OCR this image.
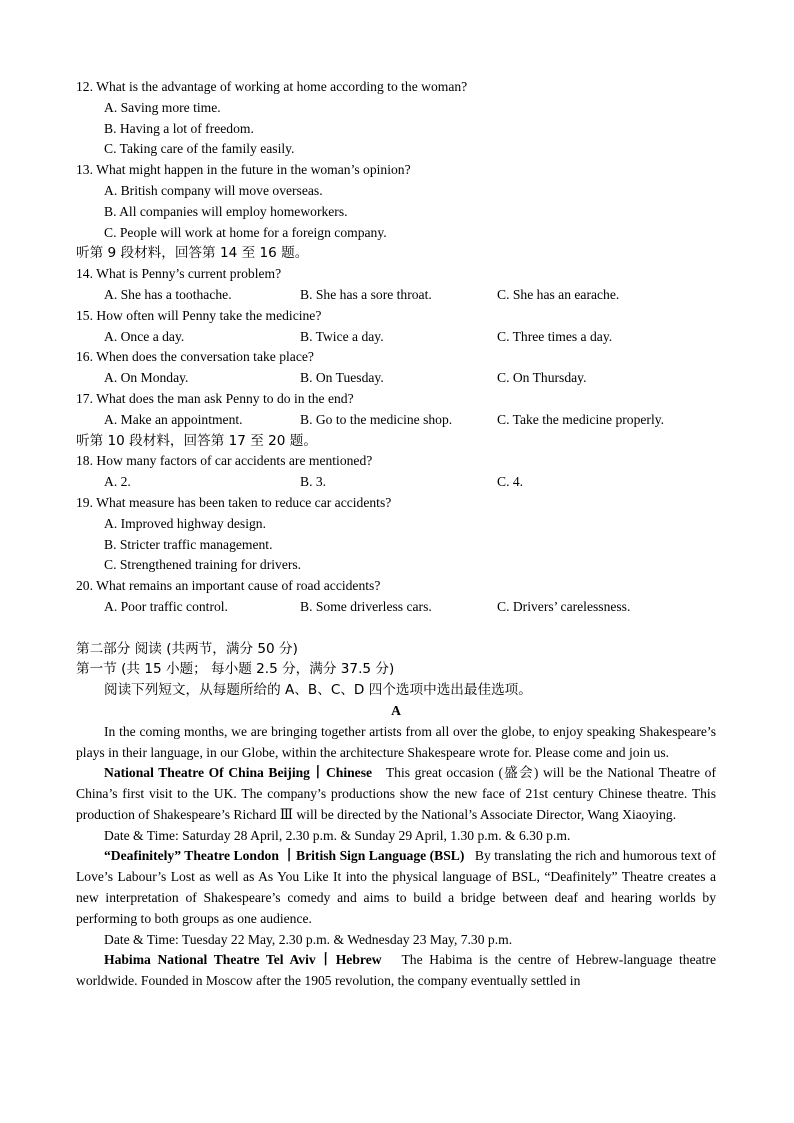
12. What is the advantage of working at home according to the woman?
A. Saving more time.
B. Having a lot of freedom.
C. Taking care of the family easily.
13. What might happen in the future in the woman’s opinion?
A. British company will move overseas.
B. All companies will employ homeworkers.
C. People will work at home for a foreign company.
听第 9 段材料，回答第 14 至 16 题。
14. What is Penny’s current problem?
A. She has a toothache.	B. She has a sore throat.	C. She has an earache.
15. How often will Penny take the medicine?
A. Once a day.	B. Twice a day.	C. Three times a day.
16. When does the conversation take place?
A. On Monday.	B. On Tuesday.	C. On Thursday.
17. What does the man ask Penny to do in the end?
A. Make an appointment.	B. Go to the medicine shop.	C. Take the medicine properly.
听第 10 段材料，回答第 17 至 20 题。
18. How many factors of car accidents are mentioned?
A. 2.	B. 3.	C. 4.
19. What measure has been taken to reduce car accidents?
A. Improved highway design.
B. Stricter traffic management.
C. Strengthened training for drivers.
20. What remains an important cause of road accidents?
A. Poor traffic control.	B. Some driverless cars.	C. Drivers’ carelessness.
第二部分 阅读 (共两节，满分 50 分)
第一节 (共 15 小题； 每小题 2.5 分，满分 37.5 分)
阅读下列短文，从每题所给的 A、B、C、D 四个选项中选出最佳选项。
A
In the coming months, we are bringing together artists from all over the globe, to enjoy speaking Shakespeare’s plays in their language, in our Globe, within the architecture Shakespeare wrote for. Please come and join us.
National Theatre Of China Beijing丨Chinese This great occasion (盛会) will be the National Theatre of China’s first visit to the UK. The company’s productions show the new face of 21st century Chinese theatre. This production of Shakespeare’s Richard Ⅲ will be directed by the National’s Associate Director, Wang Xiaoying.
Date & Time: Saturday 28 April, 2.30 p.m. & Sunday 29 April, 1.30 p.m. & 6.30 p.m.
“Deafinitely” Theatre London 丨British Sign Language (BSL) By translating the rich and humorous text of Love’s Labour’s Lost as well as As You Like It into the physical language of BSL, “Deafinitely” Theatre creates a new interpretation of Shakespeare’s comedy and aims to build a bridge between deaf and hearing worlds by performing to both groups as one audience.
Date & Time: Tuesday 22 May, 2.30 p.m. & Wednesday 23 May, 7.30 p.m.
Habima National Theatre Tel Aviv丨Hebrew The Habima is the centre of Hebrew-language theatre worldwide. Founded in Moscow after the 1905 revolution, the company eventually settled in
